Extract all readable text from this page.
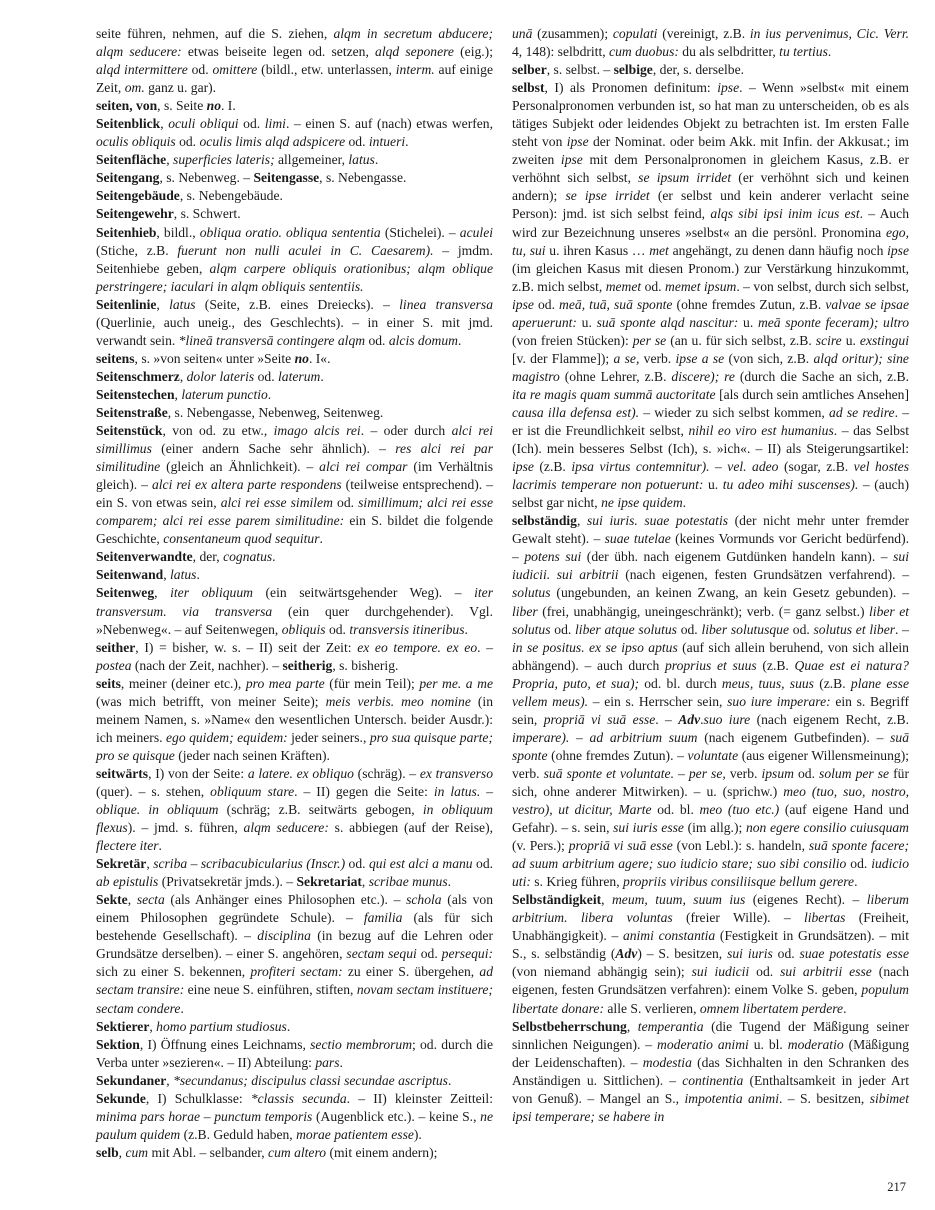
seite führen, nehmen, auf die S. ziehen, alqm in secretum abducere; alqm seducere: etwas beiseite legen od. setzen, alqd seponere (eig.); alqd intermittere od. omittere (bildl., etw. unterlassen, interm. auf einige Zeit, om. ganz u. gar).

seiten, von, s. Seite no. I.

Seitenblick, oculi obliqui od. limi. – einen S. auf (nach) etwas werfen, oculis obliquis od. oculis limis alqd adspicere od. intueri.

Seitenfläche, superficies lateris; allgemeiner, latus.

Seitengang, s. Nebenweg. – Seitengasse, s. Nebengasse.

Seitengebäude, s. Nebengebäude.

Seitengewehr, s. Schwert.

Seitenhieb, bildl., obliqua oratio. obliqua sententia (Stichelei). – aculei (Stiche, z.B. fuerunt non nulli aculei in C. Caesarem). – jmdm. Seitenhiebe geben, alqm carpere obliquis orationibus; alqm oblique perstringere; iaculari in alqm obliquis sententiis.

Seitenlinie, latus (Seite, z.B. eines Dreiecks). – linea transversa (Querlinie, auch uneig., des Geschlechts). – in einer S. mit jmd. verwandt sein. *lineā transversā contingere alqm od. alcis domum.

seitens, s. »von seiten« unter »Seite no. I«.

Seitenschmerz, dolor lateris od. laterum.

Seitenstechen, laterum punctio.

Seitenstraße, s. Nebengasse, Nebenweg, Seitenweg.

Seitenstück, von od. zu etw., imago alcis rei. – oder durch alci rei simillimus (einer andern Sache sehr ähnlich). – res alci rei par similitudine (gleich an Ähnlichkeit). – alci rei compar (im Verhältnis gleich). – alci rei ex altera parte respondens (teilweise entsprechend). – ein S. von etwas sein, alci rei esse similem od. simillimum; alci rei esse comparem; alci rei esse parem similitudine: ein S. bildet die folgende Geschichte, consentaneum quod sequitur.

Seitenverwandte, der, cognatus.

Seitenwand, latus.

Seitenweg, iter obliquum (ein seitwärtsgehender Weg). – iter transversum. via transversa (ein quer durchgehender). Vgl. »Nebenweg«. – auf Seitenwegen, obliquis od. transversis itineribus.

seither, I) = bisher, w. s. – II) seit der Zeit: ex eo tempore. ex eo. – postea (nach der Zeit, nachher). – seitherig, s. bisherig.

seits, meiner (deiner etc.), pro mea parte (für mein Teil); per me. a me (was mich betrifft, von meiner Seite); meis verbis. meo nomine (in meinem Namen, s. »Name« den wesentlichen Untersch. beider Ausdr.): ich meiners. ego quidem; equidem: jeder seiners., pro sua quisque parte; pro se quisque (jeder nach seinen Kräften).

seitwärts, I) von der Seite: a latere. ex obliquo (schräg). – ex transverso (quer). – s. stehen, obliquum stare. – II) gegen die Seite: in latus. – oblique. in obliquum (schräg; z.B. seitwärts gebogen, in obliquum flexus). – jmd. s. führen, alqm seducere: s. abbiegen (auf der Reise), flectere iter.

Sekretär, scriba – scribacubicularius (Inscr.) od. qui est alci a manu od. ab epistulis (Privatsekretär jmds.). – Sekretariat, scribae munus.

Sekte, secta (als Anhänger eines Philosophen etc.). – schola (als von einem Philosophen gegründete Schule). – familia (als für sich bestehende Gesellschaft). – disciplina (in bezug auf die Lehren oder Grundsätze derselben). – einer S. angehören, sectam sequi od. persequi: sich zu einer S. bekennen, profiteri sectam: zu einer S. übergehen, ad sectam transire: eine neue S. einführen, stiften, novam sectam instituere; sectam condere.

Sektierer, homo partium studiosus.

Sektion, I) Öffnung eines Leichnams, sectio membrorum; od. durch die Verba unter »sezieren«. – II) Abteilung: pars.

Sekundaner, *secundanus; discipulus classi secundae ascriptus.

Sekunde, I) Schulklasse: *classis secunda. – II) kleinster Zeitteil: minima pars horae – punctum temporis (Augenblick etc.). – keine S., ne paulum quidem (z.B. Geduld haben, morae patientem esse).

selb, cum mit Abl. – selbander, cum altero (mit einem andern);

unā (zusammen); copulati (vereinigt, z.B. in ius pervenimus, Cic. Verr. 4, 148): selbdritt, cum duobus: du als selbdritter, tu tertius.

selber, s. selbst. – selbige, der, s. derselbe.

selbst, I) als Pronomen definitum: ipse. – Wenn »selbst« mit einem Personalpronomen verbunden ist, so hat man zu unterscheiden, ob es als tätiges Subjekt oder leidendes Objekt zu betrachten ist. Im ersten Falle steht von ipse der Nominat. oder beim Akk. mit Infin. der Akkusat.; im zweiten ipse mit dem Personalpronomen in gleichem Kasus, z.B. er verhöhnt sich selbst, se ipsum irridet (er verhöhnt sich und keinen andern); se ipse irridet (er selbst und kein anderer verlacht seine Person): jmd. ist sich selbst feind, alqs sibi ipsi inim icus est. – Auch wird zur Bezeichnung unseres »selbst« an die persönl. Pronomina ego, tu, sui u. ihren Kasus … met angehängt, zu denen dann häufig noch ipse (im gleichen Kasus mit diesen Pronom.) zur Verstärkung hinzukommt, z.B. mich selbst, memet od. memet ipsum. – von selbst, durch sich selbst, ipse od. meā, tuā, suā sponte (ohne fremdes Zutun, z.B. valvae se ipsae aperuerunt: u. suā sponte alqd nascitur: u. meā sponte feceram); ultro (von freien Stücken): per se (an u. für sich selbst, z.B. scire u. exstingui [v. der Flamme]); a se, verb. ipse a se (von sich, z.B. alqd oritur); sine magistro (ohne Lehrer, z.B. discere); re (durch die Sache an sich, z.B. ita re magis quam summā auctoritate [als durch sein amtliches Ansehen] causa illa defensa est). – wieder zu sich selbst kommen, ad se redire. – er ist die Freundlichkeit selbst, nihil eo viro est humanius. – das Selbst (Ich). mein besseres Selbst (Ich), s. »ich«. – II) als Steigerungsartikel: ipse (z.B. ipsa virtus contemnitur). – vel. adeo (sogar, z.B. vel hostes lacrimis temperare non potuerunt: u. tu adeo mihi suscenses). – (auch) selbst gar nicht, ne ipse quidem.

selbständig, sui iuris. suae potestatis (der nicht mehr unter fremder Gewalt steht). – suae tutelae (keines Vormunds vor Gericht bedürfend). – potens sui (der übh. nach eigenem Gutdünken handeln kann). – sui iudicii. sui arbitrii (nach eigenen, festen Grundsätzen verfahrend). – solutus (ungebunden, an keinen Zwang, an kein Gesetz gebunden). – liber (frei, unabhängig, uneingeschränkt); verb. (= ganz selbst.) liber et solutus od. liber atque solutus od. liber solutusque od. solutus et liber. – in se positus. ex se ipso aptus (auf sich allein beruhend, von sich allein abhängend). – auch durch proprius et suus (z.B. Quae est ei natura? Propria, puto, et sua); od. bl. durch meus, tuus, suus (z.B. plane esse vellem meus). – ein s. Herrscher sein, suo iure imperare: ein s. Begriff sein, propriā vi suā esse. – Adv.suo iure (nach eigenem Recht, z.B. imperare). – ad arbitrium suum (nach eigenem Gutbefinden). – suā sponte (ohne fremdes Zutun). – voluntate (aus eigener Willensmeinung); verb. suā sponte et voluntate. – per se, verb. ipsum od. solum per se für sich, ohne anderer Mitwirken). – u. (sprichw.) meo (tuo, suo, nostro, vestro), ut dicitur, Marte od. bl. meo (tuo etc.) (auf eigene Hand und Gefahr). – s. sein, sui iuris esse (im allg.); non egere consilio cuiusquam (v. Pers.); propriā vi suā esse (von Lebl.): s. handeln, suā sponte facere; ad suum arbitrium agere; suo iudicio stare; suo sibi consilio od. iudicio uti: s. Krieg führen, propriis viribus consiliisque bellum gerere.

Selbständigkeit, meum, tuum, suum ius (eigenes Recht). – liberum arbitrium. libera voluntas (freier Wille). – libertas (Freiheit, Unabhängigkeit). – animi constantia (Festigkeit in Grundsätzen). – mit S., s. selbständig (Adv) – S. besitzen, sui iuris od. suae potestatis esse (von niemand abhängig sein); sui iudicii od. sui arbitrii esse (nach eigenen, festen Grundsätzen verfahren): einem Volke S. geben, populum libertate donare: alle S. verlieren, omnem libertatem perdere.

Selbstbeherrschung, temperantia (die Tugend der Mäßigung seiner sinnlichen Neigungen). – moderatio animi u. bl. moderatio (Mäßigung der Leidenschaften). – modestia (das Sichhalten in den Schranken des Anständigen u. Sittlichen). – continentia (Enthaltsamkeit in jeder Art von Genuß). – Mangel an S., impotentia animi. – S. besitzen, sibimet ipsi temperare; se habere in

217
